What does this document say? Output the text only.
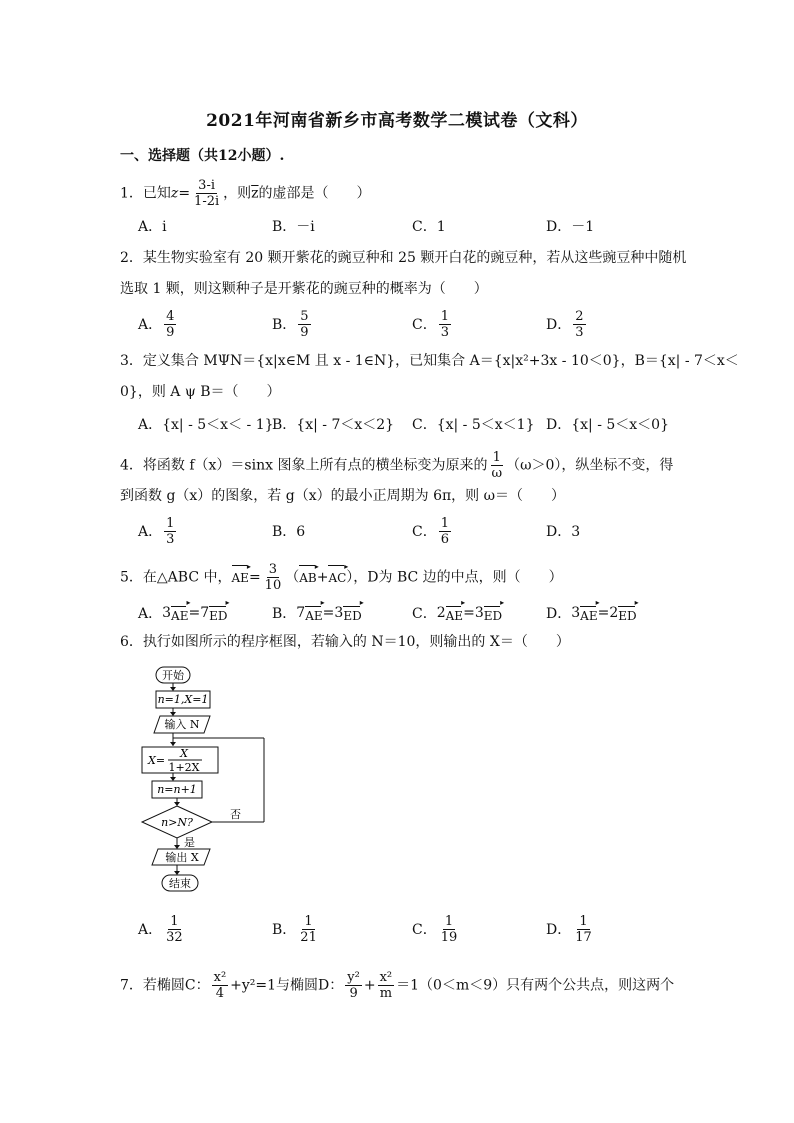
2021年河南省新乡市高考数学二模试卷（文科）
一、选择题（共12小题）.
1．已知$z= \frac{3-i}{1-2i}$ ，则$\overline{z}$的虚部是（　　）
A．i	B．－i	C．1	D．－1
2．某生物实验室有 20 颗开紫花的豌豆种和 25 颗开白花的豌豆种，若从这些豌豆种中随机
选取 1 颗，则这颗种子是开紫花的豌豆种的概率为（　　）
A． $\frac{4}{9}$	B． $\frac{5}{9}$	C． $\frac{1}{3}$	D． $\frac{2}{3}$
3．定义集合 MΨN＝{x|x∈M 且 x - 1∈N}，已知集合 A＝{x|x²+3x - 10＜0}，B＝{x| - 7＜x＜
0}，则 A ψ B＝（　　）
A．{x| - 5＜x＜ - 1}
B．{x| - 7＜x＜2} C．{x| - 5＜x＜1} D．{x| - 5＜x＜0}
4．将函数 f（x）＝sinx 图象上所有点的横坐标变为原来的 $\frac{1}{\omega} (\omega>0)$，纵坐标不变，得
到函数 g（x）的图象，若 g（x）的最小正周期为 6π，则 ω＝（　　）
A． $\frac{1}{3}$	B．6	C． $\frac{1}{6}$	D．3
5．在△ABC 中，AE ▸= $\frac{3}{10} (AB$ ▸+AC ▸），D为 BC 边的中点，则（　　）
A． 3 AE ▸ = 7 ED ▸	B． 7 AE ▸ = 3 ED ▸	C． 2 AE ▸ = 3 ED ▸	D． 3 AE ▸ = 2 ED ▸
6．执行如图所示的程序框图，若输入的 N＝10，则输出的 X＝（　　）
开始
n=1,X=1
输入 N
X=
X
1+2X
n=n+1
n>N?
否
是
输出 X
结束
A． $\frac{1}{32}$	B． $\frac{1}{21}$	C． $\frac{1}{19}$	D． $\frac{1}{17}$
7．若椭圆C： $\frac{\text{x²}}{4} +y^2=1$与椭圆D： $\frac{\text{y²}}{9} + \frac{\text{x²}}{m} =1(0<m<9)$只有两个公共点，则这两个
